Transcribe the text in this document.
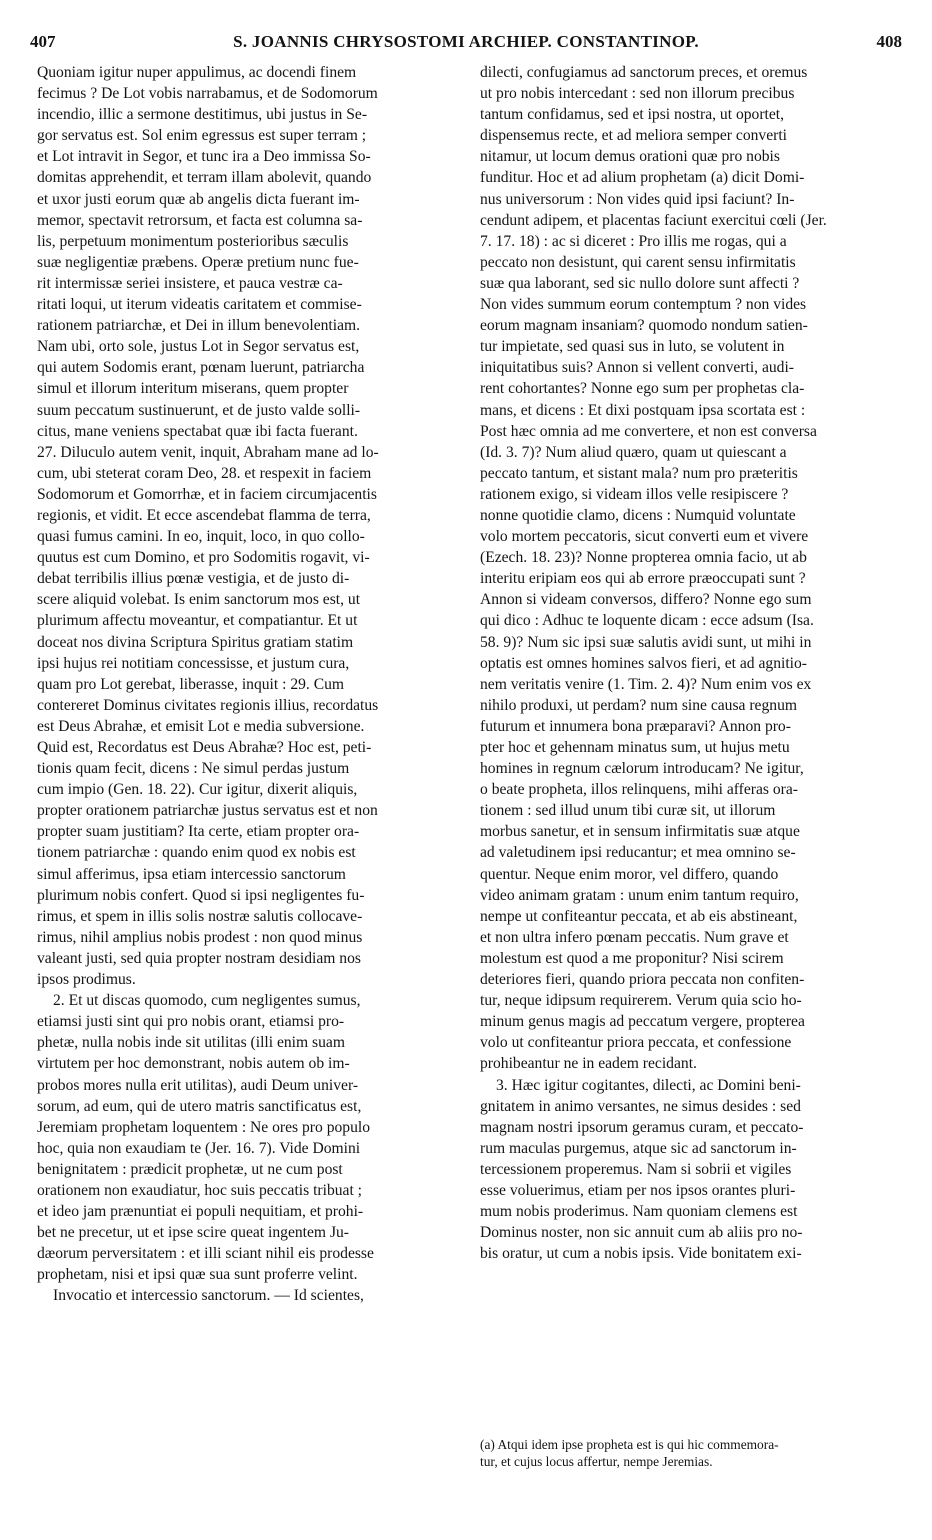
407	S. JOANNIS CHRYSOSTOMI ARCHIEP. CONSTANTINOP.	408
Quoniam igitur nuper appulimus, ac docendi finem
fecimus ? De Lot vobis narrabamus, et de Sodomorum
incendio, illic a sermone destitimus, ubi justus in Se-
gor servatus est. Sol enim egressus est super terram ;
et Lot intravit in Segor, et tunc ira a Deo immissa So-
domitas apprehendit, et terram illam abolevit, quando
et uxor justi eorum quæ ab angelis dicta fuerant im-
memor, spectavit retrorsum, et facta est columna sa-
lis, perpetuum monimentum posterioribus sæculis
suæ negligentiæ præbens. Operæ pretium nunc fue-
rit intermissæ seriei insistere, et pauca vestræ ca-
ritati loqui, ut iterum videatis caritatem et commise-
rationem patriarchæ, et Dei in illum benevolentiam.
Nam ubi, orto sole, justus Lot in Segor servatus est,
qui autem Sodomis erant, pœnam luerunt, patriarcha
simul et illorum interitum miserans, quem propter
suum peccatum sustinuerunt, et de justo valde solli-
citus, mane veniens spectabat quæ ibi facta fuerant.
27. Diluculo autem venit, inquit, Abraham mane ad lo-
cum, ubi steterat coram Deo, 28. et respexit in faciem
Sodomorum et Gomorrhæ, et in faciem circumjacentis
regionis, et vidit. Et ecce ascendebat flamma de terra,
quasi fumus camini. In eo, inquit, loco, in quo collo-
quutus est cum Domino, et pro Sodomitis rogavit, vi-
debat terribilis illius pœnæ vestigia, et de justo di-
scere aliquid volebat. Is enim sanctorum mos est, ut
plurimum affectu moveantur, et compatiantur. Et ut
doceat nos divina Scriptura Spiritus gratiam statim
ipsi hujus rei notitiam concessisse, et justum cura,
quam pro Lot gerebat, liberasse, inquit : 29. Cum
contereret Dominus civitates regionis illius, recordatus
est Deus Abrahæ, et emisit Lot e media subversione.
Quid est, Recordatus est Deus Abrahæ? Hoc est, peti-
tionis quam fecit, dicens : Ne simul perdas justum
cum impio (Gen. 18. 22). Cur igitur, dixerit aliquis,
propter orationem patriarchæ justus servatus est et non
propter suam justitiam? Ita certe, etiam propter ora-
tionem patriarchæ : quando enim quod ex nobis est
simul afferimus, ipsa etiam intercessio sanctorum
plurimum nobis confert. Quod si ipsi negligentes fu-
rimus, et spem in illis solis nostræ salutis collocave-
rimus, nihil amplius nobis prodest : non quod minus
valeant justi, sed quia propter nostram desidiam nos
ipsos prodimus.
2. Et ut discas quomodo, cum negligentes sumus,
etiamsi justi sint qui pro nobis orant, etiamsi pro-
phetæ, nulla nobis inde sit utilitas (illi enim suam
virtutem per hoc demonstrant, nobis autem ob im-
probos mores nulla erit utilitas), audi Deum univer-
sorum, ad eum, qui de utero matris sanctificatus est,
Jeremiam prophetam loquentem : Ne ores pro populo
hoc, quia non exaudiam te (Jer. 16. 7). Vide Domini
benignitatem : prædicit prophetæ, ut ne cum post
orationem non exaudiatur, hoc suis peccatis tribuat ;
et ideo jam prænuntiat ei populi nequitiam, et prohi-
bet ne precetur, ut et ipse scire queat ingentem Ju-
dæorum perversitatem : et illi sciant nihil eis prodesse
prophetam, nisi et ipsi quæ sua sunt proferre velint.
Invocatio et intercessio sanctorum. — Id scientes,
dilecti, confugiamus ad sanctorum preces, et oremus
ut pro nobis intercedant : sed non illorum precibus
tantum confidamus, sed et ipsi nostra, ut oportet,
dispensemus recte, et ad meliora semper converti
nitamur, ut locum demus orationi quæ pro nobis
funditur. Hoc et ad alium prophetam (a) dicit Domi-
nus universorum : Non vides quid ipsi faciunt? In-
cendunt adipem, et placentas faciunt exercitui cœli (Jer.
7. 17. 18) : ac si diceret : Pro illis me rogas, qui a
peccato non desistunt, qui carent sensu infirmitatis
suæ qua laborant, sed sic nullo dolore sunt affecti ?
Non vides summum eorum contemptum ? non vides
eorum magnam insaniam? quomodo nondum satien-
tur impietate, sed quasi sus in luto, se volutent in
iniquitatibus suis? Annon si vellent converti, audi-
rent cohortantes? Nonne ego sum per prophetas cla-
mans, et dicens : Et dixi postquam ipsa scortata est :
Post hæc omnia ad me convertere, et non est conversa
(Id. 3. 7)? Num aliud quæro, quam ut quiescant a
peccato tantum, et sistant mala? num pro præteritis
rationem exigo, si videam illos velle resipiscere ?
nonne quotidie clamo, dicens : Numquid voluntate
volo mortem peccatoris, sicut converti eum et vivere
(Ezech. 18. 23)? Nonne propterea omnia facio, ut ab
interitu eripiam eos qui ab errore præoccupati sunt ?
Annon si videam conversos, differo? Nonne ego sum
qui dico : Adhuc te loquente dicam : ecce adsum (Isa.
58. 9)? Num sic ipsi suæ salutis avidi sunt, ut mihi in
optatis est omnes homines salvos fieri, et ad agnitio-
nem veritatis venire (1. Tim. 2. 4)? Num enim vos ex
nihilo produxi, ut perdam? num sine causa regnum
futurum et innumera bona præparavi? Annon pro-
pter hoc et gehennam minatus sum, ut hujus metu
homines in regnum cælorum introducam? Ne igitur,
o beate propheta, illos relinquens, mihi afferas ora-
tionem : sed illud unum tibi curæ sit, ut illorum
morbus sanetur, et in sensum infirmitatis suæ atque
ad valetudinem ipsi reducantur; et mea omnino se-
quentur. Neque enim moror, vel differo, quando
video animam gratam : unum enim tantum requiro,
nempe ut confiteantur peccata, et ab eis abstineant,
et non ultra infero pœnam peccatis. Num grave et
molestum est quod a me proponitur? Nisi scirem
deteriores fieri, quando priora peccata non confiten-
tur, neque idipsum requirerem. Verum quia scio ho-
minum genus magis ad peccatum vergere, propterea
volo ut confiteantur priora peccata, et confessione
prohibeantur ne in eadem recidant.
3. Hæc igitur cogitantes, dilecti, ac Domini beni-
gnitatem in animo versantes, ne simus desides : sed
magnam nostri ipsorum geramus curam, et peccato-
rum maculas purgemus, atque sic ad sanctorum in-
tercessionem properemus. Nam si sobrii et vigiles
esse voluerimus, etiam per nos ipsos orantes pluri-
mum nobis proderimus. Nam quoniam clemens est
Dominus noster, non sic annuit cum ab aliis pro no-
bis oratur, ut cum a nobis ipsis. Vide bonitatem exi-
(a) Atqui idem ipse propheta est is qui hic commemora-
tur, et cujus locus affertur, nempe Jeremias.
